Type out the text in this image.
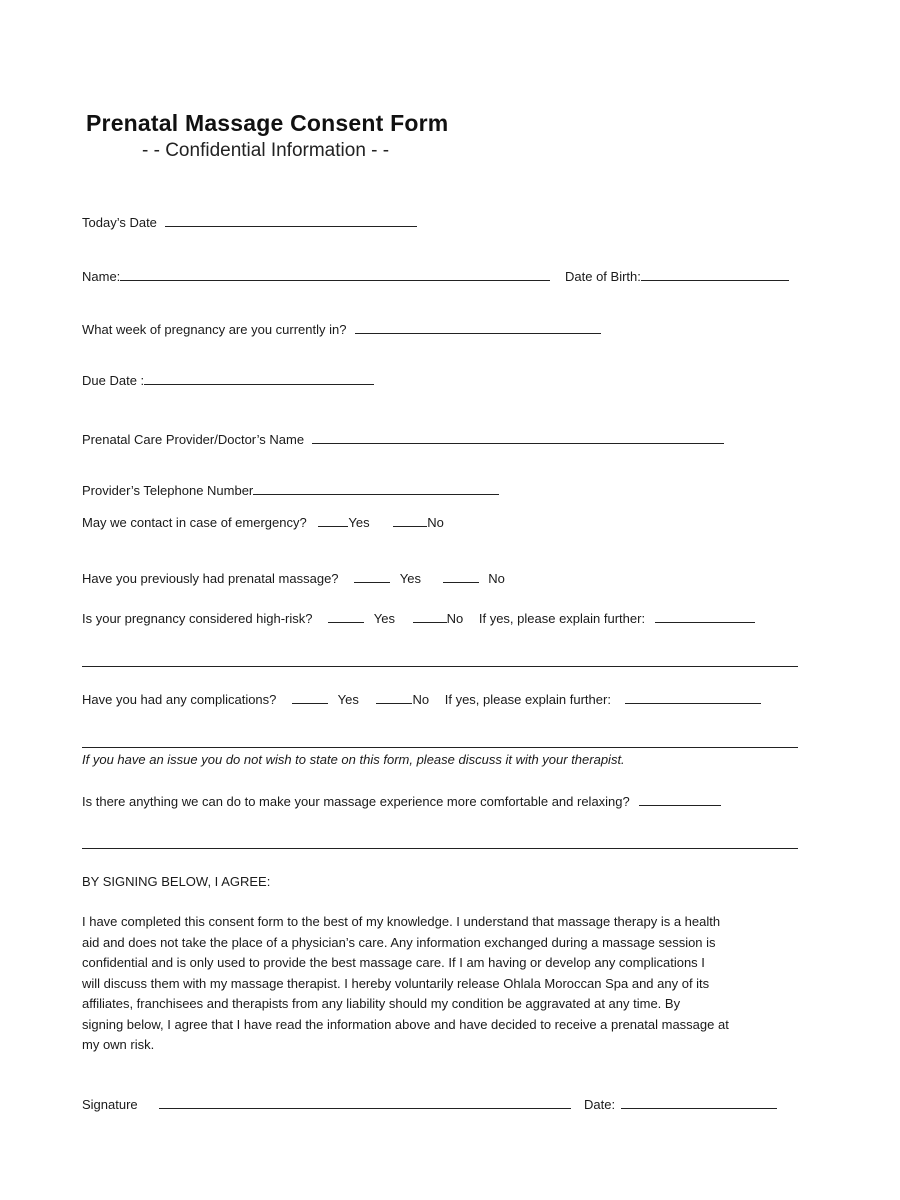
Prenatal Massage Consent Form
- - Confidential Information - -
Today’s Date
Name:	Date of Birth:
What week of pregnancy are you currently in?
Due Date :
Prenatal Care Provider/Doctor’s Name
Provider’s Telephone Number
May we contact in case of emergency?	Yes	No
Have you previously had prenatal massage?	Yes	No
Is your pregnancy considered high-risk?	Yes	No If yes, please explain further:
Have you had any complications?	Yes	No If yes, please explain further:
If you have an issue you do not wish to state on this form, please discuss it with your therapist.
Is there anything we can do to make your massage experience more comfortable and relaxing?
BY SIGNING BELOW, I AGREE:

I have completed this consent form to the best of my knowledge. I understand that massage therapy is a health

aid and does not take the place of a physician’s care. Any information exchanged during a massage session is

confidential and is only used to provide the best massage care. If I am having or develop any complications I

will discuss them with my massage therapist. I hereby voluntarily release Ohlala Moroccan Spa and any of its

affiliates, franchisees and therapists from any liability should my condition be aggravated at any time. By

signing below, I agree that I have read the information above and have decided to receive a prenatal massage at

my own risk.

Signature	Date:
